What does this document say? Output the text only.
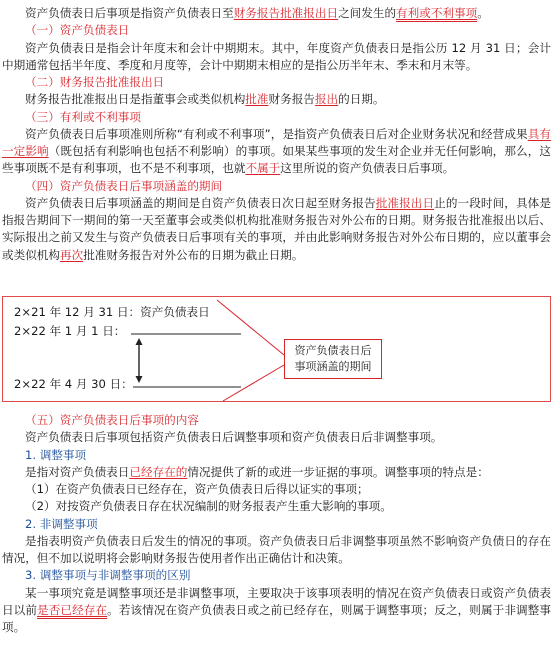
资产负债表日后事项是指资产负债表日至财务报告批准报出日之间发生的有利或不利事项。

（一）资产负债表日

资产负债表日是指会计年度末和会计中期期末。其中，年度资产负债表日是指公历 12 月 31 日；会计中期通常包括半年度、季度和月度等，会计中期期末相应的是指公历半年末、季末和月末等。

（二）财务报告批准报出日

财务报告批准报出日是指董事会或类似机构批准财务报告报出的日期。

（三）有利或不利事项

资产负债表日后事项准则所称“有利或不利事项”，是指资产负债表日后对企业财务状况和经营成果具有一定影响（既包括有利影响也包括不利影响）的事项。如果某些事项的发生对企业并无任何影响，那么，这些事项既不是有利事项，也不是不利事项，也就不属于这里所说的资产负债表日后事项。

（四）资产负债表日后事项涵盖的期间

资产负债表日后事项涵盖的期间是自资产负债表日次日起至财务报告批准报出日止的一段时间，具体是指报告期间下一期间的第一天至董事会或类似机构批准财务报告对外公布的日期。财务报告批准报出以后、实际报出之前又发生与资产负债表日后事项有关的事项，并由此影响财务报告对外公布日期的，应以董事会或类似机构再次批准财务报告对外公布的日期为截止日期。

2×21 年 12 月 31 日：资产负债表日
2×22 年 1 月 1 日：
2×22 年 4 月 30 日：
资产负债表日后
事项涵盖的期间

（五）资产负债表日后事项的内容

资产负债表日后事项包括资产负债表日后调整事项和资产负债表日后非调整事项。

1. 调整事项

是指对资产负债表日已经存在的情况提供了新的或进一步证据的事项。调整事项的特点是：

（1）在资产负债表日已经存在，资产负债表日后得以证实的事项；

（2）对按资产负债表日存在状况编制的财务报表产生重大影响的事项。

2. 非调整事项

是指表明资产负债表日后发生的情况的事项。资产负债表日后非调整事项虽然不影响资产负债日的存在情况，但不加以说明将会影响财务报告使用者作出正确估计和决策。

3. 调整事项与非调整事项的区别

某一事项究竟是调整事项还是非调整事项，主要取决于该事项表明的情况在资产负债表日或资产负债表日以前是否已经存在。若该情况在资产负债表日或之前已经存在，则属于调整事项；反之，则属于非调整事项。
